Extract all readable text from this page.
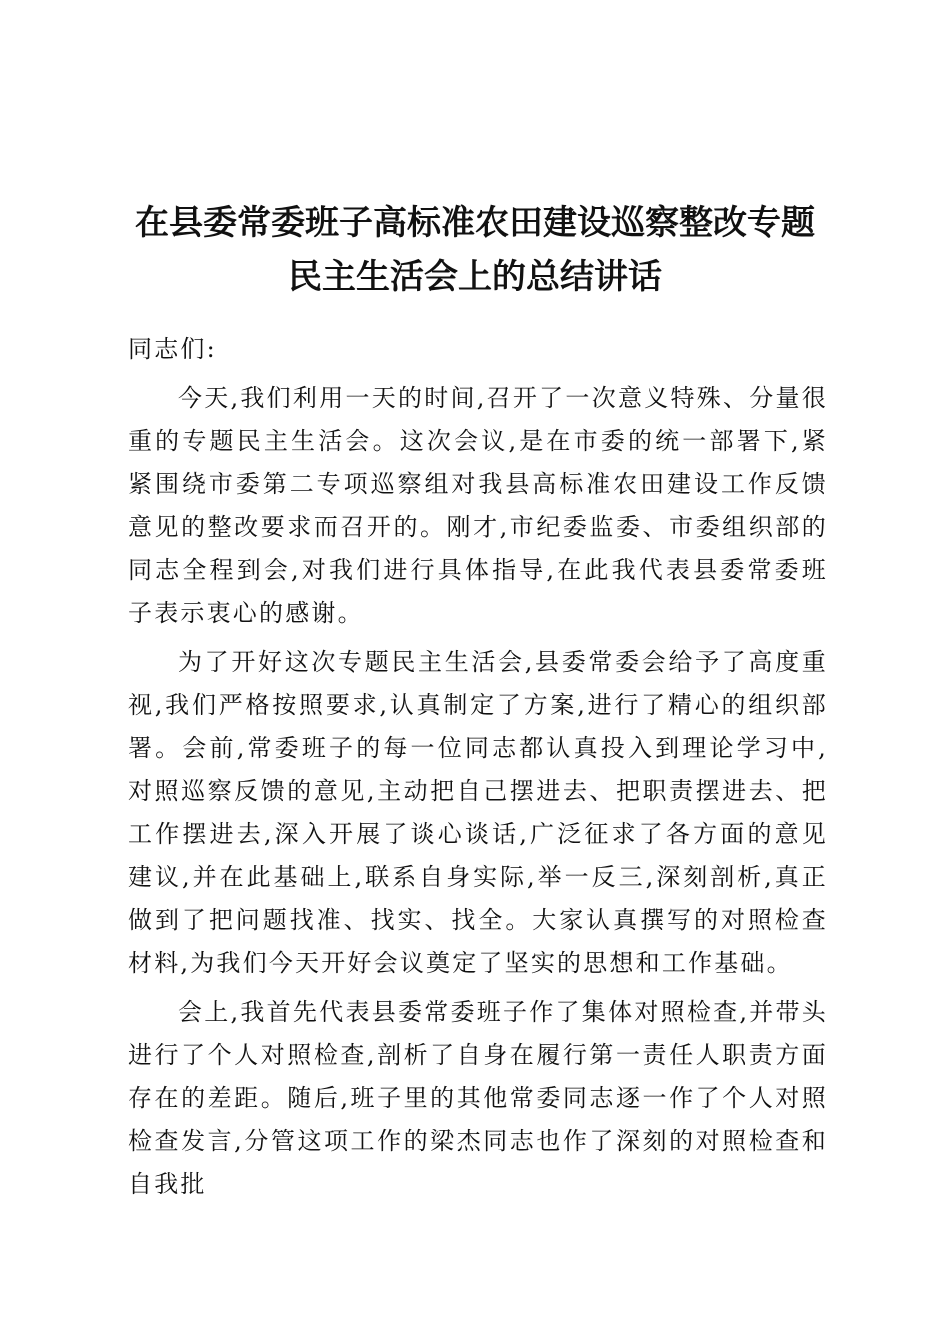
在县委常委班子高标准农田建设巡察整改专题
民主生活会上的总结讲话

同志们:

今天,我们利用一天的时间,召开了一次意义特殊、分量很重的专题民主生活会。这次会议,是在市委的统一部署下,紧紧围绕市委第二专项巡察组对我县高标准农田建设工作反馈意见的整改要求而召开的。刚才,市纪委监委、市委组织部的同志全程到会,对我们进行具体指导,在此我代表县委常委班子表示衷心的感谢。

为了开好这次专题民主生活会,县委常委会给予了高度重视,我们严格按照要求,认真制定了方案,进行了精心的组织部署。会前,常委班子的每一位同志都认真投入到理论学习中,对照巡察反馈的意见,主动把自己摆进去、把职责摆进去、把工作摆进去,深入开展了谈心谈话,广泛征求了各方面的意见建议,并在此基础上,联系自身实际,举一反三,深刻剖析,真正做到了把问题找准、找实、找全。大家认真撰写的对照检查材料,为我们今天开好会议奠定了坚实的思想和工作基础。

会上,我首先代表县委常委班子作了集体对照检查,并带头进行了个人对照检查,剖析了自身在履行第一责任人职责方面存在的差距。随后,班子里的其他常委同志逐一作了个人对照检查发言,分管这项工作的梁杰同志也作了深刻的对照检查和自我批
